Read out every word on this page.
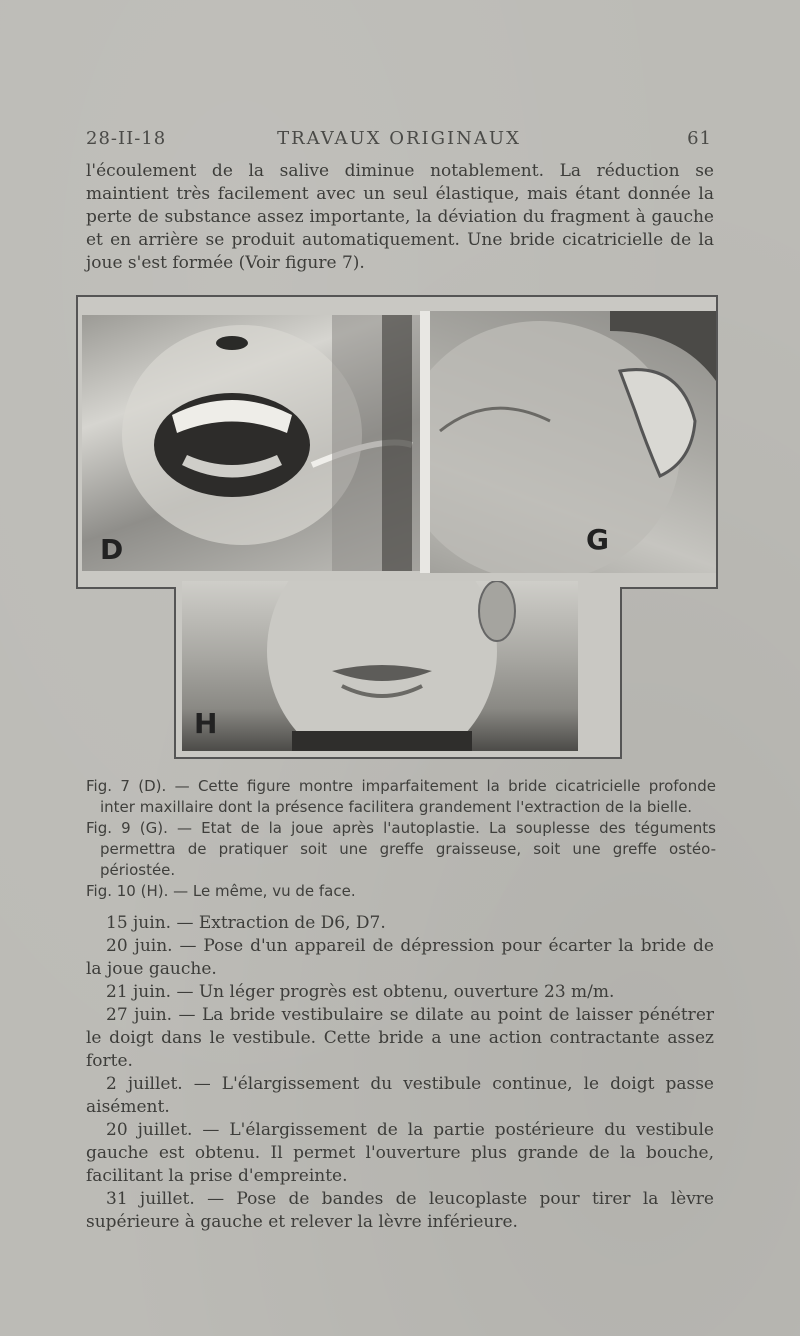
28-II-18	TRAVAUX ORIGINAUX	61

l'écoulement de la salive diminue notablement. La réduction se maintient très facilement avec un seul élastique, mais étant donnée la perte de substance assez importante, la déviation du fragment à gauche et en arrière se produit automatiquement. Une bride cicatricielle de la joue s'est formée (Voir figure 7).

D	G
H

Fig. 7 (D). — Cette figure montre imparfaitement la bride cicatricielle profonde inter maxillaire dont la présence facilitera grandement l'extraction de la bielle.

Fig. 9 (G). — Etat de la joue après l'autoplastie. La souplesse des téguments permettra de pratiquer soit une greffe graisseuse, soit une greffe ostéo-périostée.

Fig. 10 (H). — Le même, vu de face.

15 juin. — Extraction de D6, D7.

20 juin. — Pose d'un appareil de dépression pour écarter la bride de la joue gauche.

21 juin. — Un léger progrès est obtenu, ouverture 23 m/m.

27 juin. — La bride vestibulaire se dilate au point de laisser pénétrer le doigt dans le vestibule. Cette bride a une action contractante assez forte.

2 juillet. — L'élargissement du vestibule continue, le doigt passe aisément.

20 juillet. — L'élargissement de la partie postérieure du vestibule gauche est obtenu. Il permet l'ouverture plus grande de la bouche, facilitant la prise d'empreinte.

31 juillet. — Pose de bandes de leucoplaste pour tirer la lèvre supérieure à gauche et relever la lèvre inférieure.
